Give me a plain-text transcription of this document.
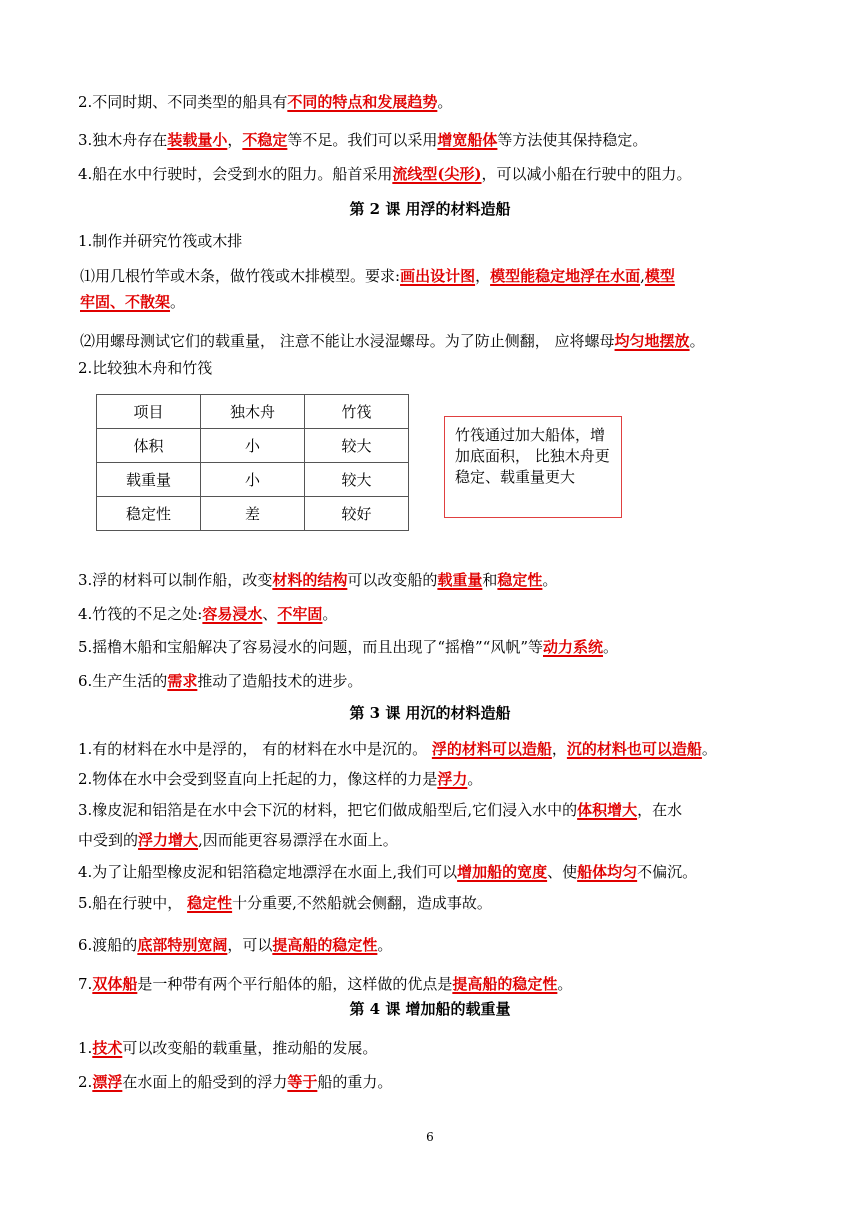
2.不同时期、不同类型的船具有不同的特点和发展趋势。
3.独木舟存在装载量小，不稳定等不足。我们可以采用增宽船体等方法使其保持稳定。
4.船在水中行驶时，会受到水的阻力。船首采用流线型(尖形)，可以减小船在行驶中的阻力。
第 2 课 用浮的材料造船
1.制作并研究竹筏或木排
⑴用几根竹竿或木条，做竹筏或木排模型。要求:画出设计图，模型能稳定地浮在水面,模型
牢固、不散架。
⑵用螺母测试它们的载重量， 注意不能让水浸湿螺母。为了防止侧翻， 应将螺母均匀地摆放。
2.比较独木舟和竹筏
项目	独木舟	竹筏
体积	小	较大
载重量	小	较大
稳定性	差	较好
竹筏通过加大船体，增加底面积， 比独木舟更稳定、载重量更大
3.浮的材料可以制作船，改变材料的结构可以改变船的载重量和稳定性。
4.竹筏的不足之处:容易浸水、不牢固。
5.摇橹木船和宝船解决了容易浸水的问题，而且出现了“摇橹”“风帆”等动力系统。
6.生产生活的需求推动了造船技术的进步。
第 3 课 用沉的材料造船
1.有的材料在水中是浮的， 有的材料在水中是沉的。 浮的材料可以造船，沉的材料也可以造船。
2.物体在水中会受到竖直向上托起的力，像这样的力是浮力。
3.橡皮泥和铝箔是在水中会下沉的材料，把它们做成船型后,它们浸入水中的体积增大，在水
中受到的浮力增大,因而能更容易漂浮在水面上。
4.为了让船型橡皮泥和铝箔稳定地漂浮在水面上,我们可以增加船的宽度、使船体均匀不偏沉。
5.船在行驶中， 稳定性十分重要,不然船就会侧翻，造成事故。
6.渡船的底部特别宽阔，可以提高船的稳定性。
7.双体船是一种带有两个平行船体的船，这样做的优点是提高船的稳定性。
第 4 课 增加船的载重量
1.技术可以改变船的载重量，推动船的发展。
2.漂浮在水面上的船受到的浮力等于船的重力。
6
